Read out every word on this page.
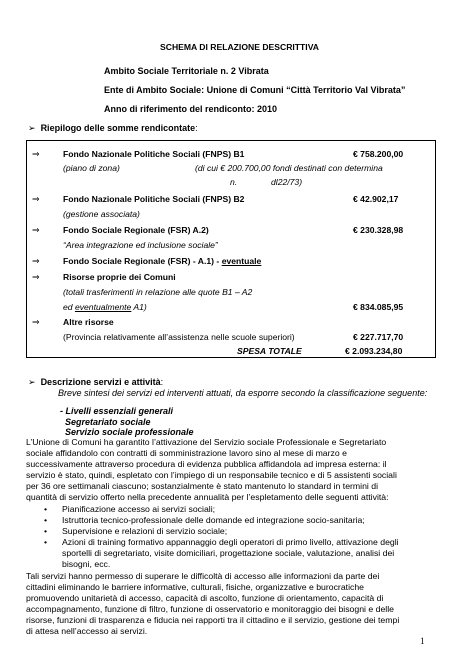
SCHEMA DI RELAZIONE DESCRITTIVA
Ambito Sociale Territoriale n. 2 Vibrata
Ente di Ambito Sociale: Unione di Comuni “Città Territorio Val Vibrata”
Anno di riferimento del rendiconto: 2010
➢ Riepilogo delle somme rendicontate:
⇒	Fondo Nazionale Politiche Sociali (FNPS) B1	€ 758.200,00
(piano di zona)	(di cui € 200.700,00 fondi destinati con determina
n.	dl22/73)
⇒	Fondo Nazionale Politiche Sociali (FNPS) B2	€ 42.902,17
(gestione associata)
⇒	Fondo Sociale Regionale (FSR) A.2)	€ 230.328,98
“Area integrazione ed inclusione sociale”
⇒	Fondo Sociale Regionale (FSR) - A.1) - eventuale
⇒	Risorse proprie dei Comuni
(totali trasferimenti in relazione alle quote B1 – A2
ed eventualmente A1)	€ 834.085,95
⇒	Altre risorse
(Provincia relativamente all’assistenza nelle scuole superiori)	€ 227.717,70
SPESA TOTALE	€ 2.093.234,80
➢ Descrizione servizi e attività:
Breve sintesi dei servizi ed interventi attuati, da esporre secondo la classificazione seguente:
- Livelli essenziali generali
Segretariato sociale
Servizio sociale professionale
L’Unione di Comuni ha garantito l’attivazione del Servizio sociale Professionale e Segretariato
sociale affidandolo con contratti di somministrazione lavoro sino al mese di marzo e
successivamente attraverso procedura di evidenza pubblica affidandola ad impresa esterna: il
servizio è stato, quindi, espletato con l’impiego di un responsabile tecnico e di 5 assistenti sociali
per 36 ore settimanali ciascuno; sostanzialmente è stato mantenuto lo standard in termini di
quantità di servizio offerto nella precedente annualità per l’espletamento delle seguenti attività:
• Pianificazione accesso ai servizi sociali;
• Istruttoria tecnico-professionale delle domande ed integrazione socio-sanitaria;
• Supervisione e relazioni di servizio sociale;
• Azioni di training formativo appannaggio degli operatori di primo livello, attivazione degli
sportelli di segretariato, visite domiciliari, progettazione sociale, valutazione, analisi dei
bisogni, ecc.
Tali servizi hanno permesso di superare le difficoltà di accesso alle informazioni da parte dei
cittadini eliminando le barriere informative, culturali, fisiche, organizzative e burocratiche
promuovendo unitarietà di accesso, capacità di ascolto, funzione di orientamento, capacità di
accompagnamento, funzione di filtro, funzione di osservatorio e monitoraggio dei bisogni e delle
risorse, funzioni di trasparenza e fiducia nei rapporti tra il cittadino e il servizio, gestione dei tempi
di attesa nell’accesso ai servizi.
1
